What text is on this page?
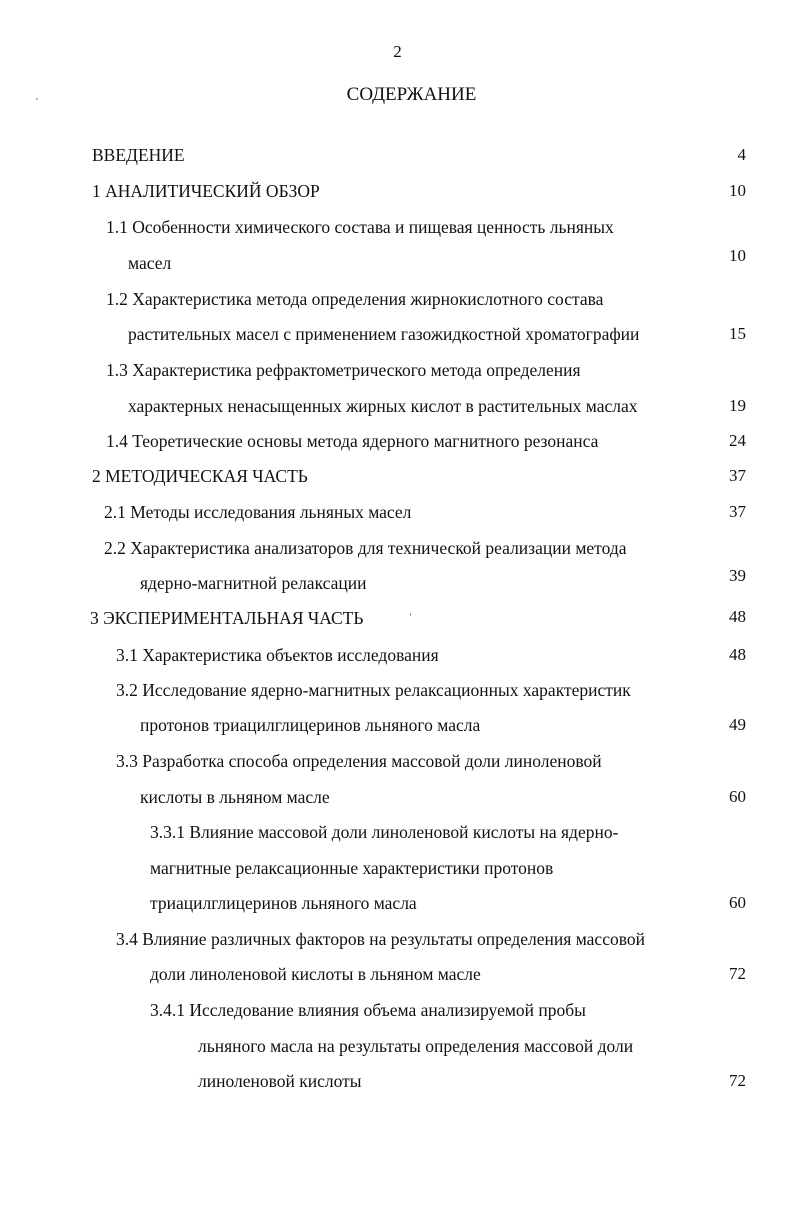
2
СОДЕРЖАНИЕ
ВВЕДЕНИЕ	4
1 АНАЛИТИЧЕСКИЙ ОБЗОР	10
1.1 Особенности химического состава и пищевая ценность льняных
масел	10
1.2 Характеристика метода определения жирнокислотного состава
растительных масел с применением газожидкостной хроматографии	15
1.3 Характеристика рефрактометрического метода определения
характерных ненасыщенных жирных кислот в растительных маслах	19
1.4 Теоретические основы метода ядерного магнитного резонанса	24
2 МЕТОДИЧЕСКАЯ ЧАСТЬ	37
2.1 Методы исследования льняных масел	37
2.2 Характеристика анализаторов для технической реализации метода
ядерно-магнитной релаксации	39
3 ЭКСПЕРИМЕНТАЛЬНАЯ ЧАСТЬ	ˈ	48
3.1 Характеристика объектов исследования	48
3.2 Исследование ядерно-магнитных релаксационных характеристик
протонов триацилглицеринов льняного масла	49
3.3 Разработка способа определения массовой доли линоленовой
кислоты в льняном масле	60
3.3.1 Влияние массовой доли линоленовой кислоты на ядерно-
магнитные релаксационные характеристики протонов
триацилглицеринов льняного масла	60
3.4 Влияние различных факторов на результаты определения массовой
доли линоленовой кислоты в льняном масле	72
3.4.1 Исследование влияния объема анализируемой пробы
льняного масла на результаты определения массовой доли
линоленовой кислоты	72
